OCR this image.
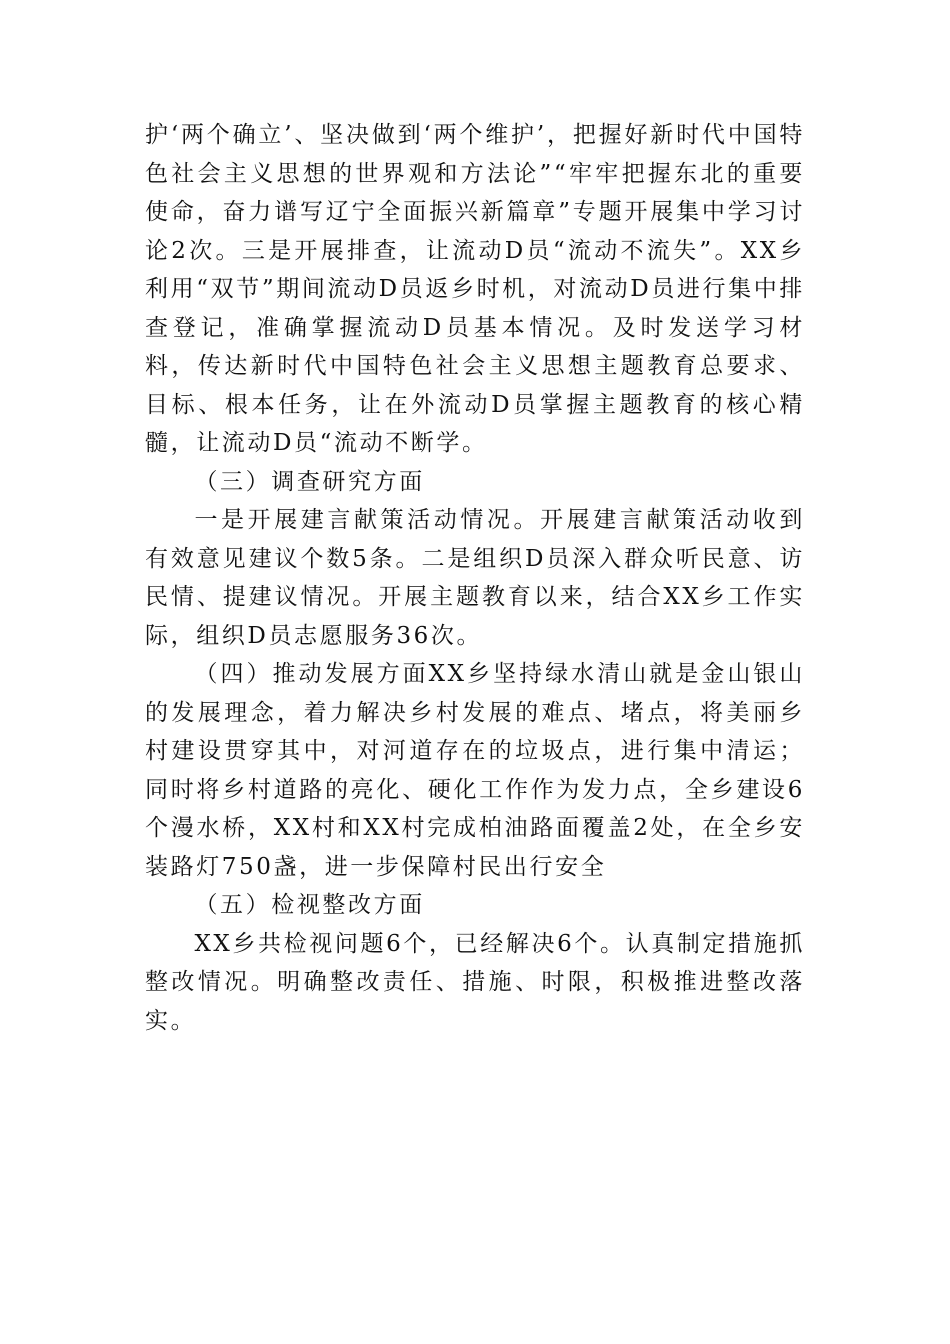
护‘两个确立’、坚决做到‘两个维护’，把握好新时代中国特色社会主义思想的世界观和方法论”“牢牢把握东北的重要使命，奋力谱写辽宁全面振兴新篇章”专题开展集中学习讨论2次。三是开展排查，让流动D员“流动不流失”。XX乡利用“双节”期间流动D员返乡时机，对流动D员进行集中排查登记，准确掌握流动D员基本情况。及时发送学习材料，传达新时代中国特色社会主义思想主题教育总要求、目标、根本任务，让在外流动D员掌握主题教育的核心精髓，让流动D员“流动不断学。

（三）调查研究方面

一是开展建言献策活动情况。开展建言献策活动收到有效意见建议个数5条。二是组织D员深入群众听民意、访民情、提建议情况。开展主题教育以来，结合XX乡工作实际，组织D员志愿服务36次。

（四）推动发展方面XX乡坚持绿水清山就是金山银山的发展理念，着力解决乡村发展的难点、堵点，将美丽乡村建设贯穿其中，对河道存在的垃圾点，进行集中清运；同时将乡村道路的亮化、硬化工作作为发力点，全乡建设6个漫水桥，XX村和XX村完成柏油路面覆盖2处，在全乡安装路灯750盏，进一步保障村民出行安全

（五）检视整改方面

XX乡共检视问题6个，已经解决6个。认真制定措施抓整改情况。明确整改责任、措施、时限，积极推进整改落实。
